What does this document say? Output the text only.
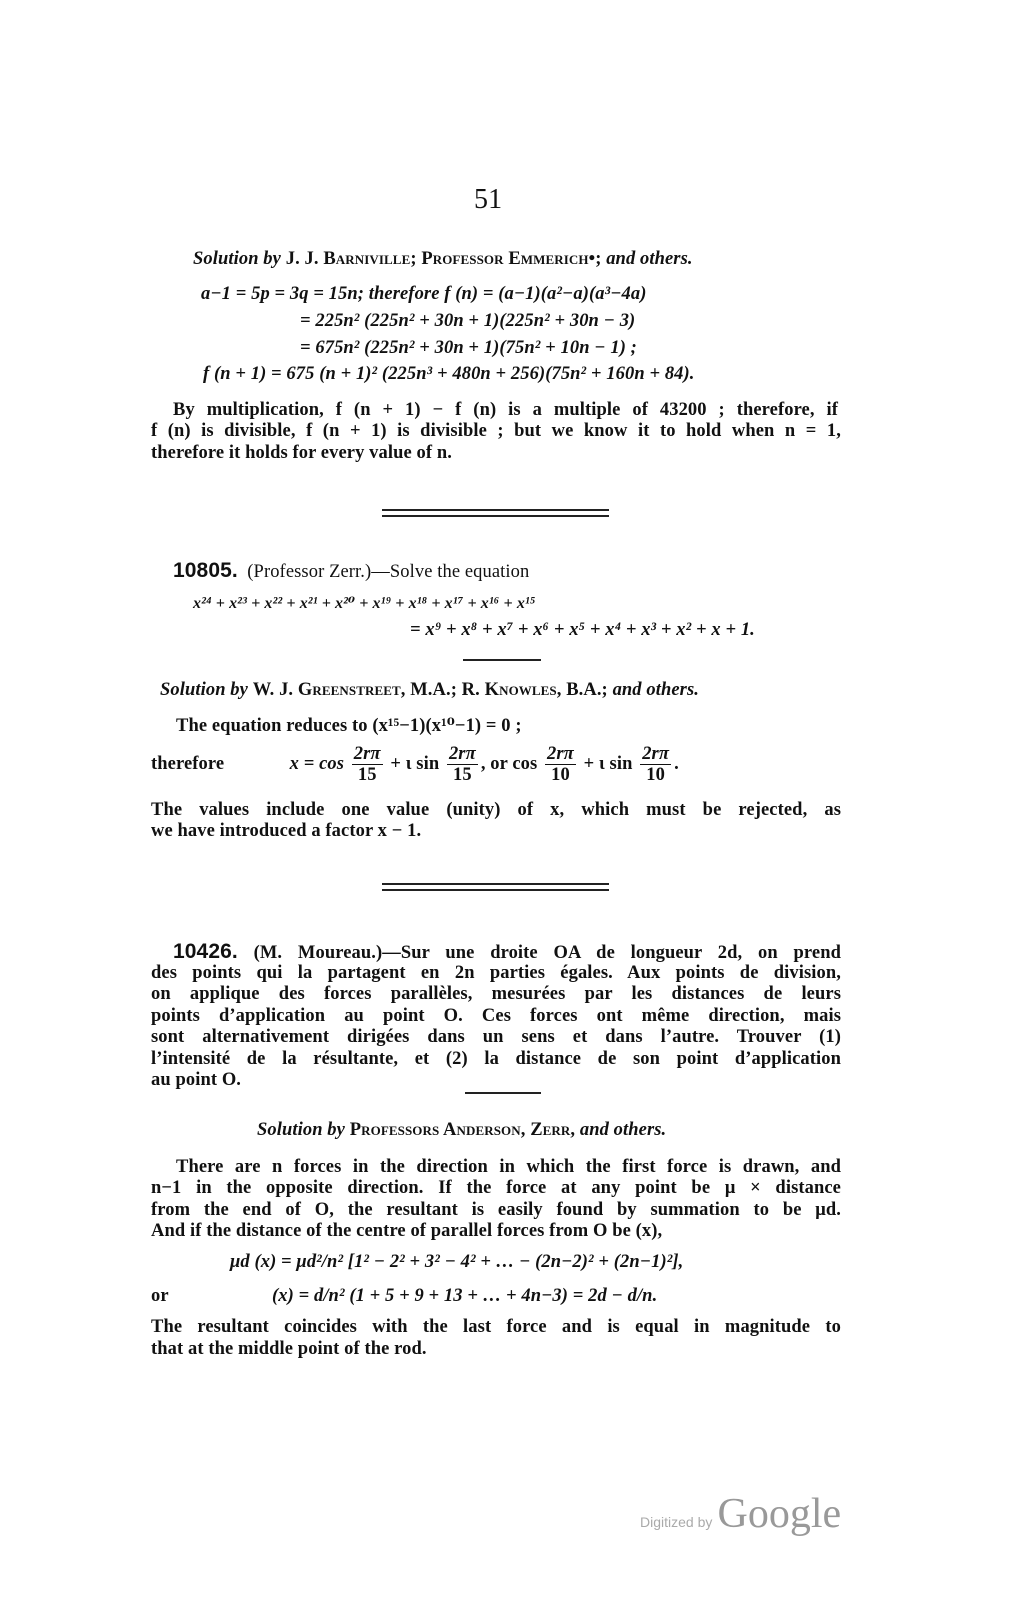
51
Solution by J. J. Barniville; Professor Emmerich•; and others.
a−1 = 5p = 3q = 15n; therefore f (n) = (a−1)(a²−a)(a³−4a)
= 225n² (225n² + 30n + 1)(225n² + 30n − 3)
= 675n² (225n² + 30n + 1)(75n² + 10n − 1) ;
f (n + 1) = 675 (n + 1)² (225n³ + 480n + 256)(75n² + 160n + 84).
By multiplication, f (n + 1) − f (n) is a multiple of 43200 ; therefore, if
f (n) is divisible, f (n + 1) is divisible ; but we know it to hold when n = 1,
therefore it holds for every value of n.
10805. (Professor Zerr.)—Solve the equation
x²⁴ + x²³ + x²² + x²¹ + x²⁰ + x¹⁹ + x¹⁸ + x¹⁷ + x¹⁶ + x¹⁵
= x⁹ + x⁸ + x⁷ + x⁶ + x⁵ + x⁴ + x³ + x² + x + 1.
Solution by W. J. Greenstreet, M.A.; R. Knowles, B.A.; and others.
The equation reduces to (x¹⁵−1)(x¹⁰−1) = 0 ;
therefore	$x = \cos \frac{2r\pi}{15} + \iota$ $\sin \frac{2r\pi}{15}$ , or $\cos \frac{2r\pi}{10} + \iota$ $\sin \frac{2r\pi}{10}$ .
The values include one value (unity) of x, which must be rejected, as
we have introduced a factor x − 1.
10426. (M. Moureau.)—Sur une droite OA de longueur 2d, on prend
des points qui la partagent en 2n parties égales. Aux points de division,
on applique des forces parallèles, mesurées par les distances de leurs
points d’application au point O. Ces forces ont même direction, mais
sont alternativement dirigées dans un sens et dans l’autre. Trouver (1)
l’intensité de la résultante, et (2) la distance de son point d’application
au point O.
Solution by Professors Anderson, Zerr, and others.
There are n forces in the direction in which the first force is drawn, and
n−1 in the opposite direction. If the force at any point be μ × distance
from the end of O, the resultant is easily found by summation to be μd.
And if the distance of the centre of parallel forces from O be (x),
μd (x) = μd²/n² [1² − 2² + 3² − 4² + … − (2n−2)² + (2n−1)²],
or	(x) = d/n² (1 + 5 + 9 + 13 + … + 4n−3) = 2d − d/n.
The resultant coincides with the last force and is equal in magnitude to
that at the middle point of the rod.
Digitized by Google
